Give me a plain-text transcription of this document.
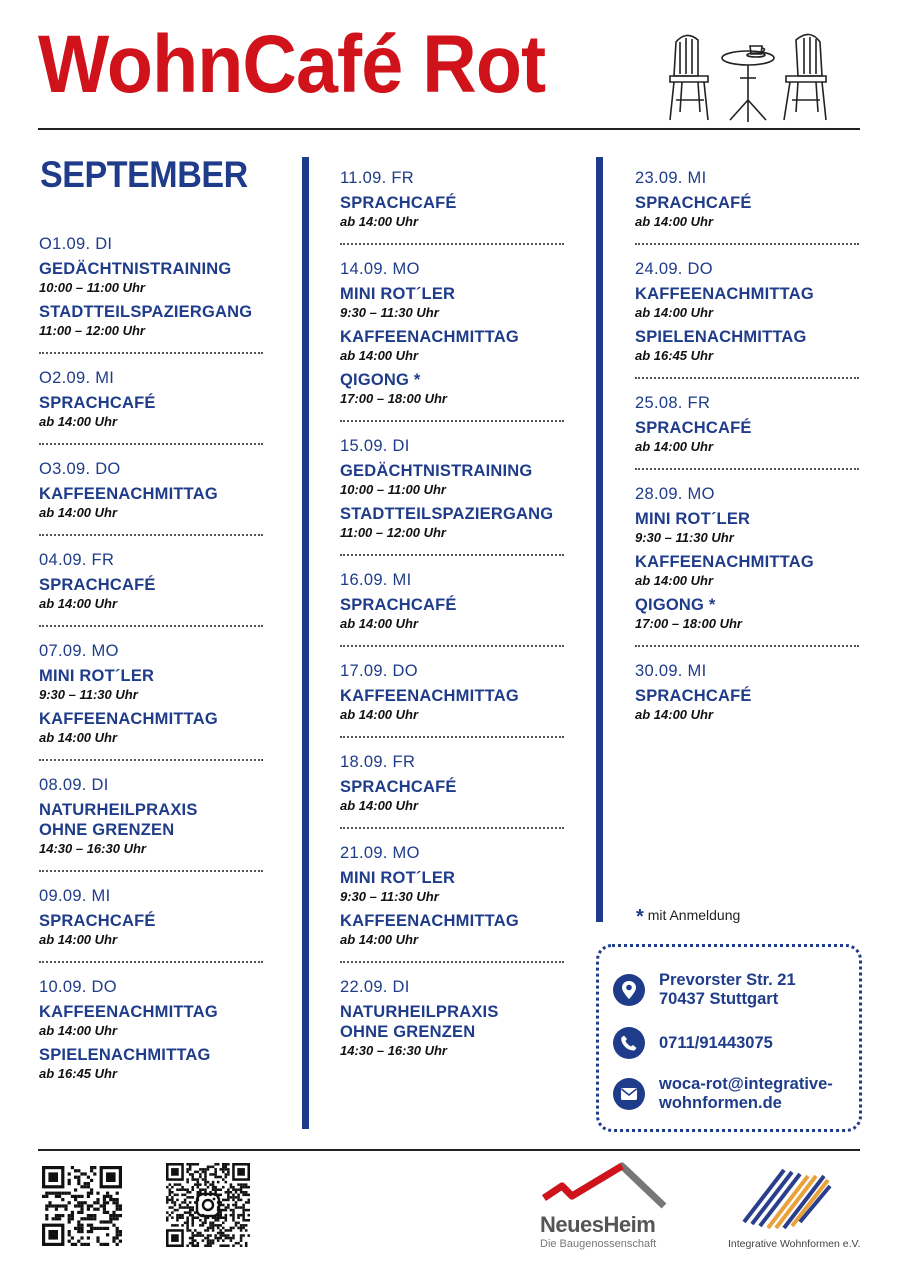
WohnCafé Rot
SEPTEMBER
O1.09. DI
GEDÄCHTNISTRAINING
10:00 – 11:00 Uhr
STADTTEILSPAZIERGANG
11:00 – 12:00 Uhr
O2.09. MI
SPRACHCAFÉ
ab 14:00 Uhr
O3.09. DO
KAFFEENACHMITTAG
ab 14:00 Uhr
04.09. FR
SPRACHCAFÉ
ab 14:00 Uhr
07.09. MO
MINI ROT´LER
9:30 – 11:30 Uhr
KAFFEENACHMITTAG
ab 14:00 Uhr
08.09. DI
NATURHEILPRAXIS
OHNE GRENZEN
14:30 – 16:30 Uhr
09.09. MI
SPRACHCAFÉ
ab 14:00 Uhr
10.09. DO
KAFFEENACHMITTAG
ab 14:00 Uhr
SPIELENACHMITTAG
ab 16:45 Uhr
11.09. FR
SPRACHCAFÉ
ab 14:00 Uhr
14.09. MO
MINI ROT´LER
9:30 – 11:30 Uhr
KAFFEENACHMITTAG
ab 14:00 Uhr
QIGONG *
17:00 – 18:00 Uhr
15.09. DI
GEDÄCHTNISTRAINING
10:00 – 11:00 Uhr
STADTTEILSPAZIERGANG
11:00 – 12:00 Uhr
16.09. MI
SPRACHCAFÉ
ab 14:00 Uhr
17.09. DO
KAFFEENACHMITTAG
ab 14:00 Uhr
18.09. FR
SPRACHCAFÉ
ab 14:00 Uhr
21.09. MO
MINI ROT´LER
9:30 – 11:30 Uhr
KAFFEENACHMITTAG
ab 14:00 Uhr
22.09. DI
NATURHEILPRAXIS
OHNE GRENZEN
14:30 – 16:30 Uhr
23.09. MI
SPRACHCAFÉ
ab 14:00 Uhr
24.09. DO
KAFFEENACHMITTAG
ab 14:00 Uhr
SPIELENACHMITTAG
ab 16:45 Uhr
25.08. FR
SPRACHCAFÉ
ab 14:00 Uhr
28.09. MO
MINI ROT´LER
9:30 – 11:30 Uhr
KAFFEENACHMITTAG
ab 14:00 Uhr
QIGONG *
17:00 – 18:00 Uhr
30.09. MI
SPRACHCAFÉ
ab 14:00 Uhr
* mit Anmeldung
Prevorster Str. 21
70437 Stuttgart
0711/91443075
woca-rot@integrative-
wohnformen.de
NeuesHeim
Die Baugenossenschaft	Integrative Wohnformen e.V.
